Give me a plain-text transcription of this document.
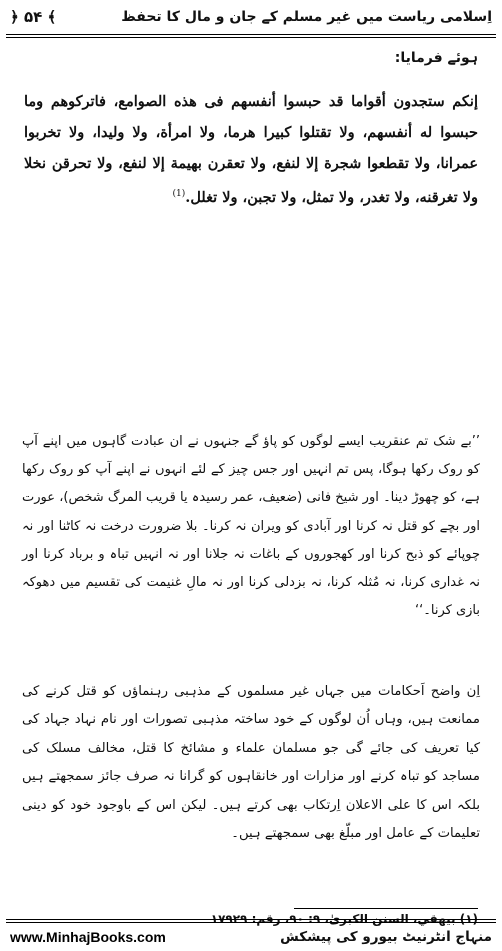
اِسلامی ریاست میں غیر مسلم کے جان و مال کا تحفظ
﴿ ۵۴ ﴾
ہوئے فرمایا:
إنكم ستجدون أقواما قد حبسوا أنفسهم فى هذه الصوامع، فاتركوهم وما حبسوا له أنفسهم، ولا تقتلوا كبيرا هرما، ولا امرأة، ولا وليدا، ولا تخربوا عمرانا، ولا تقطعوا شجرة إلا لنفع، ولا تعقرن بهيمة إلا لنفع، ولا تحرقن نخلا ولا تغرقنه، ولا تغدر، ولا تمثل، ولا تجبن، ولا تغلل.$^{(1)}$
’’بے شک تم عنقریب ایسے لوگوں کو پاؤ گے جنہوں نے ان عبادت گاہوں میں اپنے آپ کو روک رکھا ہوگا، پس تم انہیں اور جس چیز کے لئے انہوں نے اپنے آپ کو روک رکھا ہے، کو چھوڑ دینا۔ اور شیخ فانی (ضعیف، عمر رسیدہ یا قریب المرگ شخص)، عورت اور بچے کو قتل نہ کرنا اور آبادی کو ویران نہ کرنا۔ بلا ضرورت درخت نہ کاٹنا اور نہ چوپائے کو ذبح کرنا اور کھجوروں کے باغات نہ جلانا اور نہ انہیں تباہ و برباد کرنا اور نہ غداری کرنا، نہ مُثلہ کرنا، نہ بزدلی کرنا اور نہ مالِ غنیمت کی تقسیم میں دھوکہ بازی کرنا۔‘‘
اِن واضح اَحکامات میں جہاں غیر مسلموں کے مذہبی رہنماؤں کو قتل کرنے کی ممانعت ہیں، وہاں اُن لوگوں کے خود ساختہ مذہبی تصورات اور نام نہاد جہاد کی کیا تعریف کی جائے گی جو مسلمان علماء و مشائخ کا قتل، مخالف مسلک کی مساجد کو تباہ کرنے اور مزارات اور خانقاہوں کو گرانا نہ صرف جائز سمجھتے ہیں بلکہ اس کا علی الاعلان اِرتکاب بھی کرتے ہیں۔ لیکن اس کے باوجود خود کو دینی تعلیمات کے عامل اور مبلّغ بھی سمجھتے ہیں۔
(۱) بيهقي، السنن الكبرىٰ، ۹: ۹۰، رقم: ۱۷۹۲۹
www.MinhajBooks.com	منہاج انٹرنیٹ بیورو کی پیشکش
